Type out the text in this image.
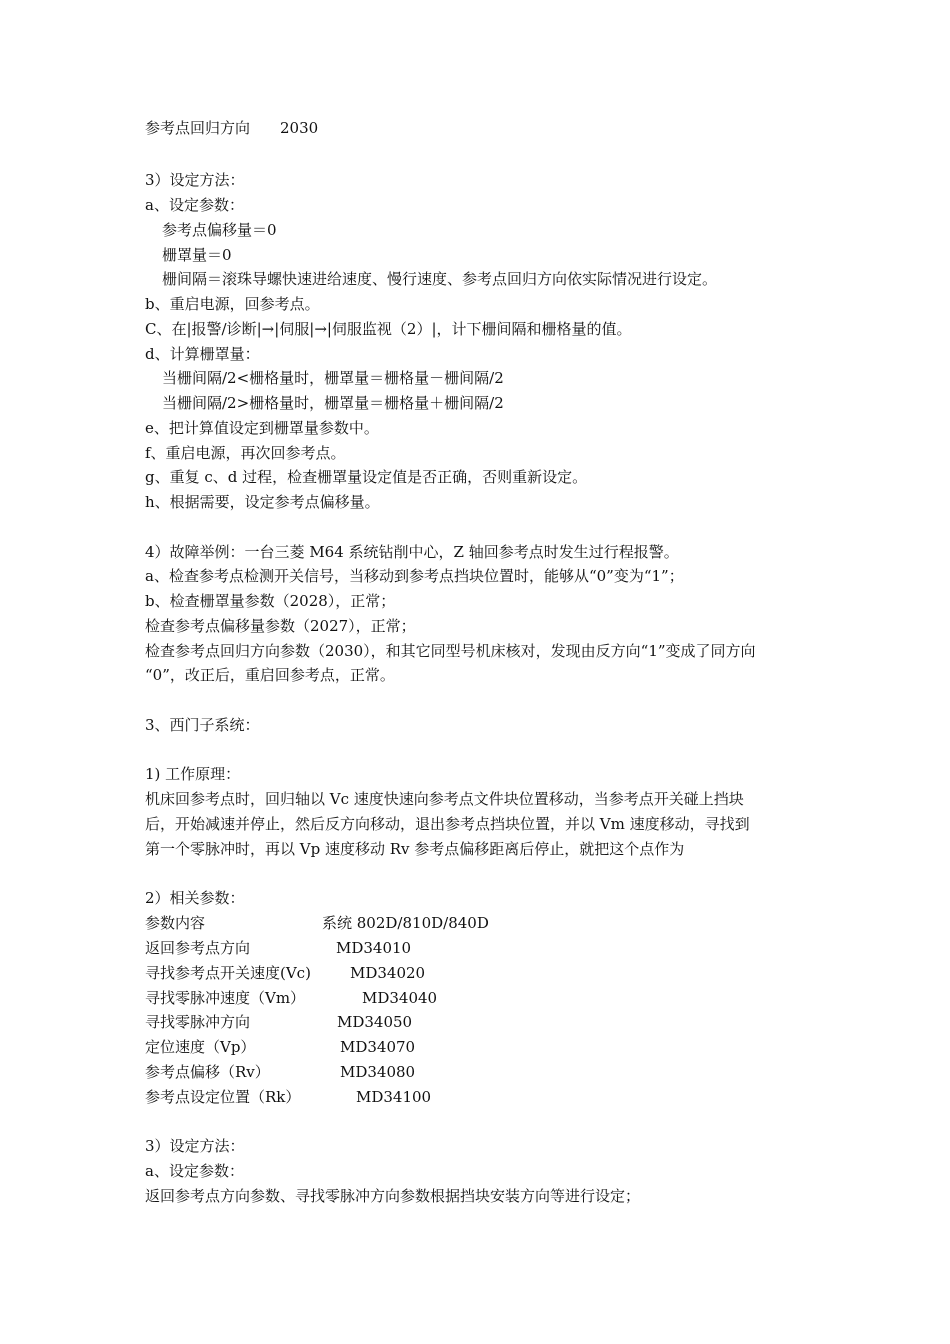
参考点回归方向　　2030
3）设定方法：
a、设定参数：
参考点偏移量＝0
栅罩量＝0
栅间隔＝滚珠导螺快速进给速度、慢行速度、参考点回归方向依实际情况进行设定。
b、重启电源，回参考点。
C、在|报警/诊断|→|伺服|→|伺服监视（2）|，计下栅间隔和栅格量的值。
d、计算栅罩量：
当栅间隔/2<栅格量时，栅罩量＝栅格量－栅间隔/2
当栅间隔/2>栅格量时，栅罩量＝栅格量＋栅间隔/2
e、把计算值设定到栅罩量参数中。
f、重启电源，再次回参考点。
g、重复 c、d 过程，检查栅罩量设定值是否正确，否则重新设定。
h、根据需要，设定参考点偏移量。
4）故障举例：一台三菱 M64 系统钻削中心，Z 轴回参考点时发生过行程报警。
a、检查参考点检测开关信号，当移动到参考点挡块位置时，能够从“0”变为“1”；
b、检查栅罩量参数（2028），正常；
检查参考点偏移量参数（2027），正常；
检查参考点回归方向参数（2030），和其它同型号机床核对，发现由反方向“1”变成了同方向
“0”，改正后，重启回参考点，正常。
3、西门子系统：
1) 工作原理：
机床回参考点时，回归轴以 Vc 速度快速向参考点文件块位置移动，当参考点开关碰上挡块
后，开始减速并停止，然后反方向移动，退出参考点挡块位置，并以 Vm 速度移动，寻找到
第一个零脉冲时，再以 Vp 速度移动 Rv 参考点偏移距离后停止，就把这个点作为
2）相关参数：
参数内容	系统 802D/810D/840D
返回参考点方向	MD34010
寻找参考点开关速度(Vc)	MD34020
寻找零脉冲速度（Vm）	MD34040
寻找零脉冲方向	MD34050
定位速度（Vp）	MD34070
参考点偏移（Rv）	MD34080
参考点设定位置（Rk）	MD34100
3）设定方法：
a、设定参数：
返回参考点方向参数、寻找零脉冲方向参数根据挡块安装方向等进行设定；
